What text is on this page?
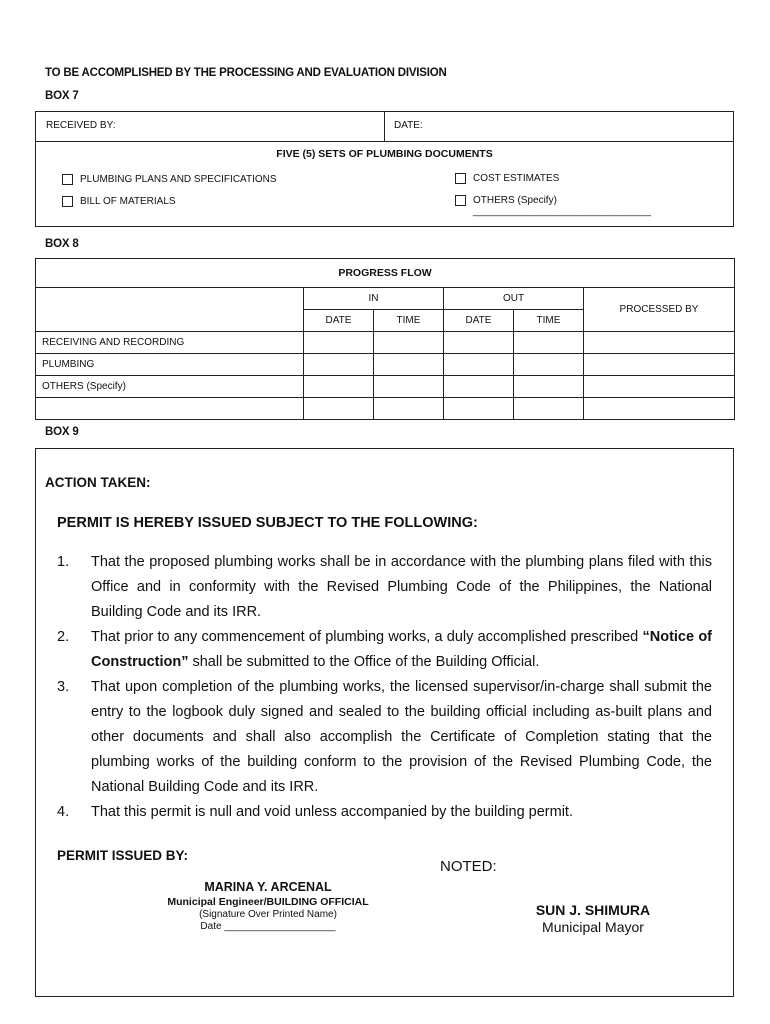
TO BE ACCOMPLISHED BY THE PROCESSING AND EVALUATION DIVISION
BOX 7
RECEIVED BY:	DATE:
FIVE (5) SETS OF PLUMBING DOCUMENTS
PLUMBING PLANS AND SPECIFICATIONS
BILL OF MATERIALS
COST ESTIMATES
OTHERS (Specify) ________________________________
BOX 8
PROGRESS FLOW					
	IN		OUT		PROCESSED BY
	DATE	TIME	DATE	TIME	
RECEIVING AND RECORDING					
PLUMBING					
OTHERS (Specify)					

BOX 9
ACTION TAKEN:
PERMIT IS HEREBY ISSUED SUBJECT TO THE FOLLOWING:
1. That the proposed plumbing works shall be in accordance with the plumbing plans filed with this Office and in conformity with the Revised Plumbing Code of the Philippines, the National Building Code and its IRR.
2. That prior to any commencement of plumbing works, a duly accomplished prescribed “Notice of Construction” shall be submitted to the Office of the Building Official.
3. That upon completion of the plumbing works, the licensed supervisor/in-charge shall submit the entry to the logbook duly signed and sealed to the building official including as-built plans and other documents and shall also accomplish the Certificate of Completion stating that the plumbing works of the building conform to the provision of the Revised Plumbing Code, the National Building Code and its IRR.
4. That this permit is null and void unless accompanied by the building permit.
PERMIT ISSUED BY:
NOTED:
MARINA Y. ARCENAL
Municipal Engineer/BUILDING OFFICIAL
(Signature Over Printed Name)
Date ____________________
SUN J. SHIMURA
Municipal Mayor
